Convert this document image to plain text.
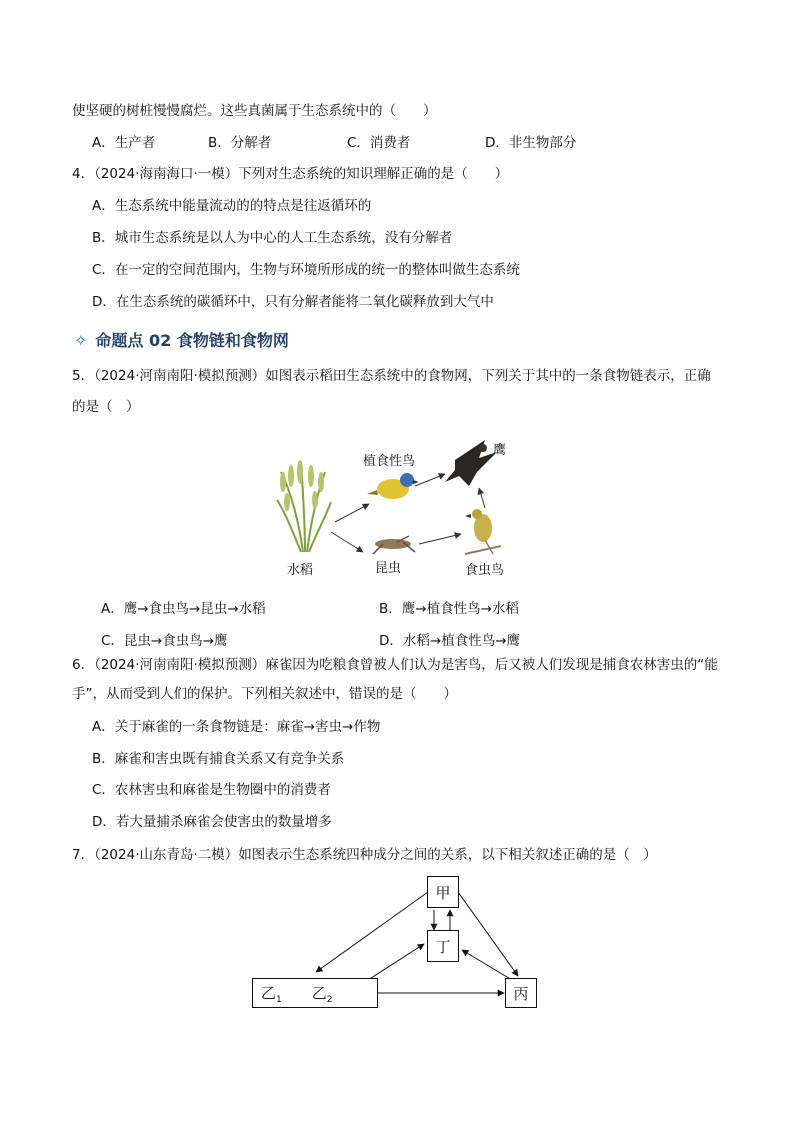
使坚硬的树桩慢慢腐烂。这些真菌属于生态系统中的（　　）
A．生产者	B．分解者	C．消费者	D．非生物部分
4．（2024·海南海口·一模）下列对生态系统的知识理解正确的是（　　）
A．生态系统中能量流动的的特点是往返循环的
B．城市生态系统是以人为中心的人工生态系统，没有分解者
C．在一定的空间范围内，生物与环境所形成的统一的整体叫做生态系统
D．在生态系统的碳循环中，只有分解者能将二氧化碳释放到大气中
✧ 命题点 02 食物链和食物网
5．（2024·河南南阳·模拟预测）如图表示稻田生态系统中的食物网，下列关于其中的一条食物链表示，正确
的是（　）
水稻
植食性鸟
鹰
昆虫	食虫鸟
A．鹰→食虫鸟→昆虫→水稻	B．鹰→植食性鸟→水稻
C．昆虫→食虫鸟→鹰	D．水稻→植食性鸟→鹰
6．（2024·河南南阳·模拟预测）麻雀因为吃粮食曾被人们认为是害鸟，后又被人们发现是捕食农林害虫的“能
手”，从而受到人们的保护。下列相关叙述中，错误的是（　　）
A．关于麻雀的一条食物链是：麻雀→害虫→作物
B．麻雀和害虫既有捕食关系又有竞争关系
C．农林害虫和麻雀是生物圈中的消费者
D．若大量捕杀麻雀会使害虫的数量增多
7．（2024·山东青岛·二模）如图表示生态系统四种成分之间的关系，以下相关叙述正确的是（　）
甲
丁
丙
乙$_1$ 乙$_2$
